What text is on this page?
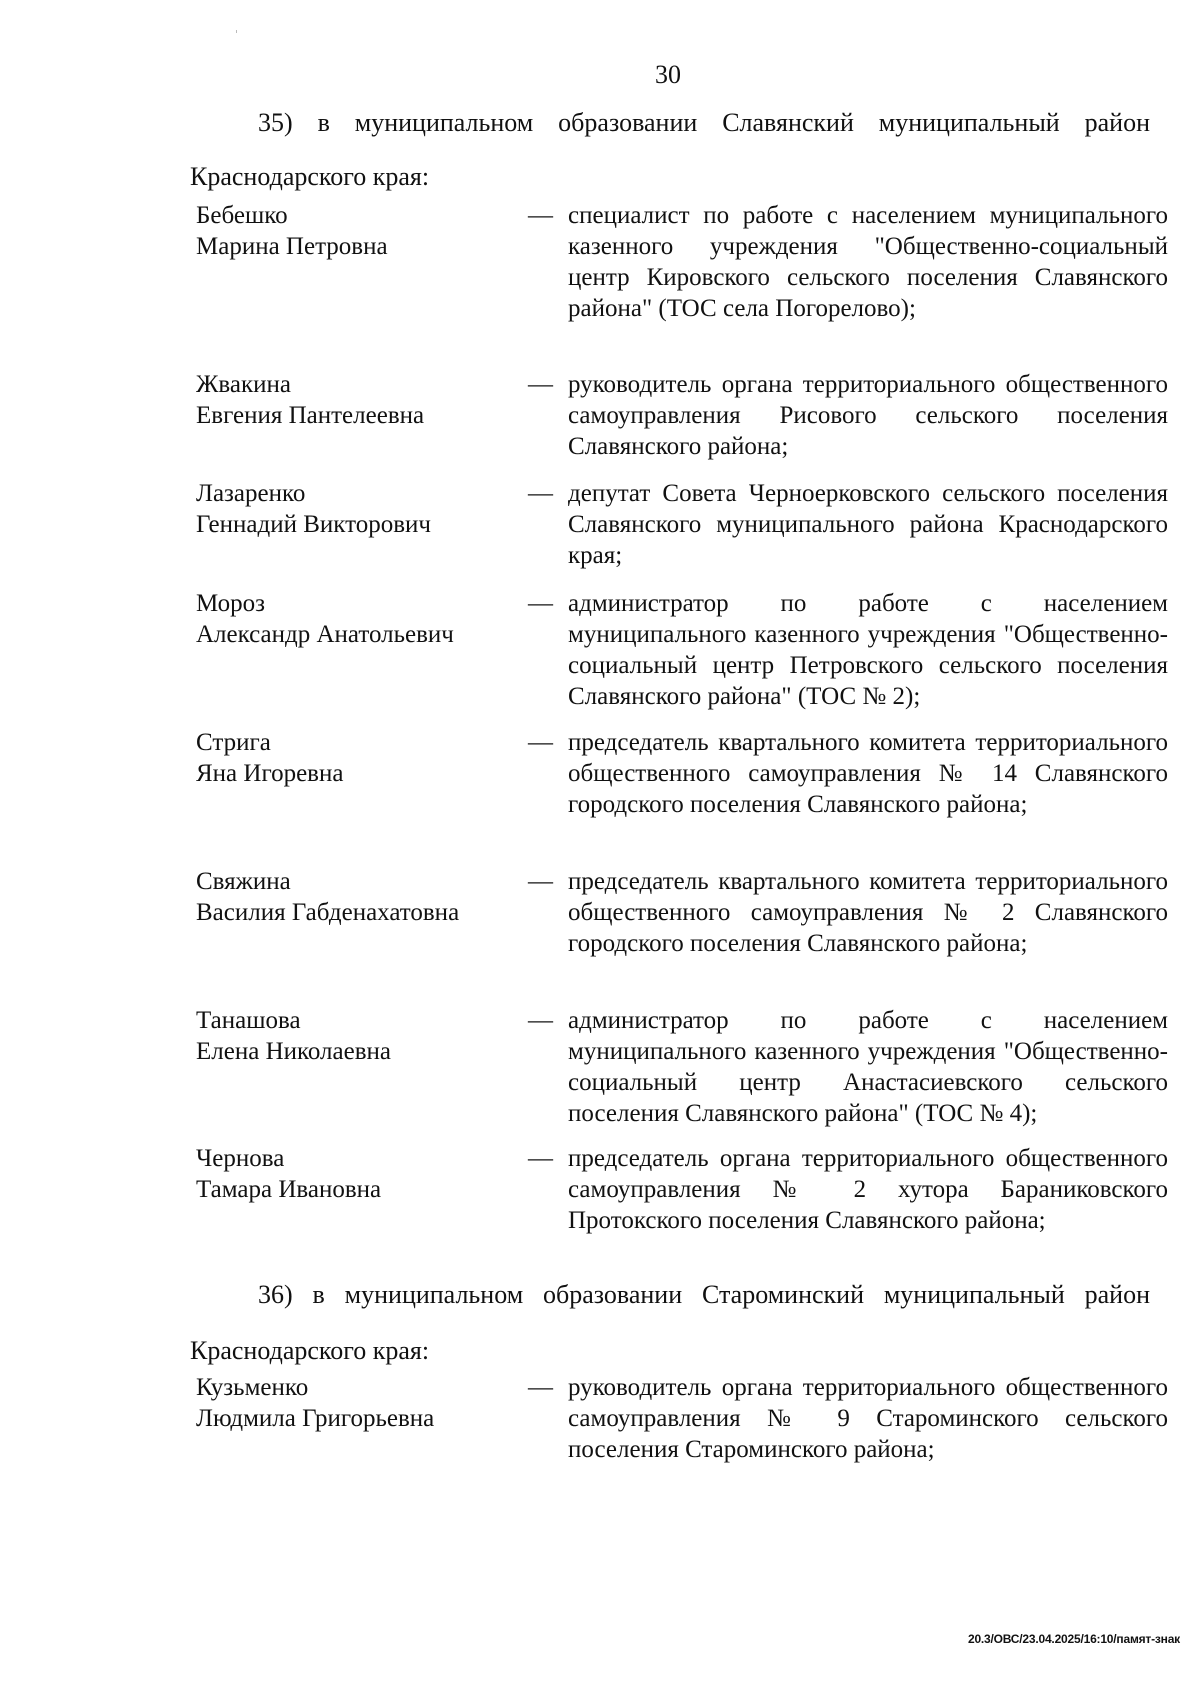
30
35) в муниципальном образовании Славянский муниципальный район
Краснодарского края:
Бебешко
Марина Петровна
— специалист по работе с населением муниципального казенного учреждения "Общественно-социальный центр Кировского сельского поселения Славянского района" (ТОС села Погорелово);
Жвакина
Евгения Пантелеевна
— руководитель органа территориального общественного самоуправления Рисового сельского поселения Славянского района;
Лазаренко
Геннадий Викторович
— депутат Совета Черноерковского сельского поселения Славянского муниципального района Краснодарского края;
Мороз
Александр Анатольевич
— администратор по работе с населением муниципального казенного учреждения "Общественно-социальный центр Петровского сельского поселения Славянского района" (ТОС № 2);
Стрига
Яна Игоревна
— председатель квартального комитета территориального общественного самоуправления № 14 Славянского городского поселения Славянского района;
Свяжина
Василия Габденахатовна
— председатель квартального комитета территориального общественного самоуправления № 2 Славянского городского поселения Славянского района;
Танашова
Елена Николаевна
— администратор по работе с населением муниципального казенного учреждения "Общественно-социальный центр Анастасиевского сельского поселения Славянского района" (ТОС № 4);
Чернова
Тамара Ивановна
— председатель органа территориального общественного самоуправления № 2 хутора Бараниковского Протокского поселения Славянского района;
36) в муниципальном образовании Староминский муниципальный район
Краснодарского края:
Кузьменко
Людмила Григорьевна
— руководитель органа территориального общественного самоуправления № 9 Староминского сельского поселения Староминского района;
20.3/ОВС/23.04.2025/16:10/памят-знак
